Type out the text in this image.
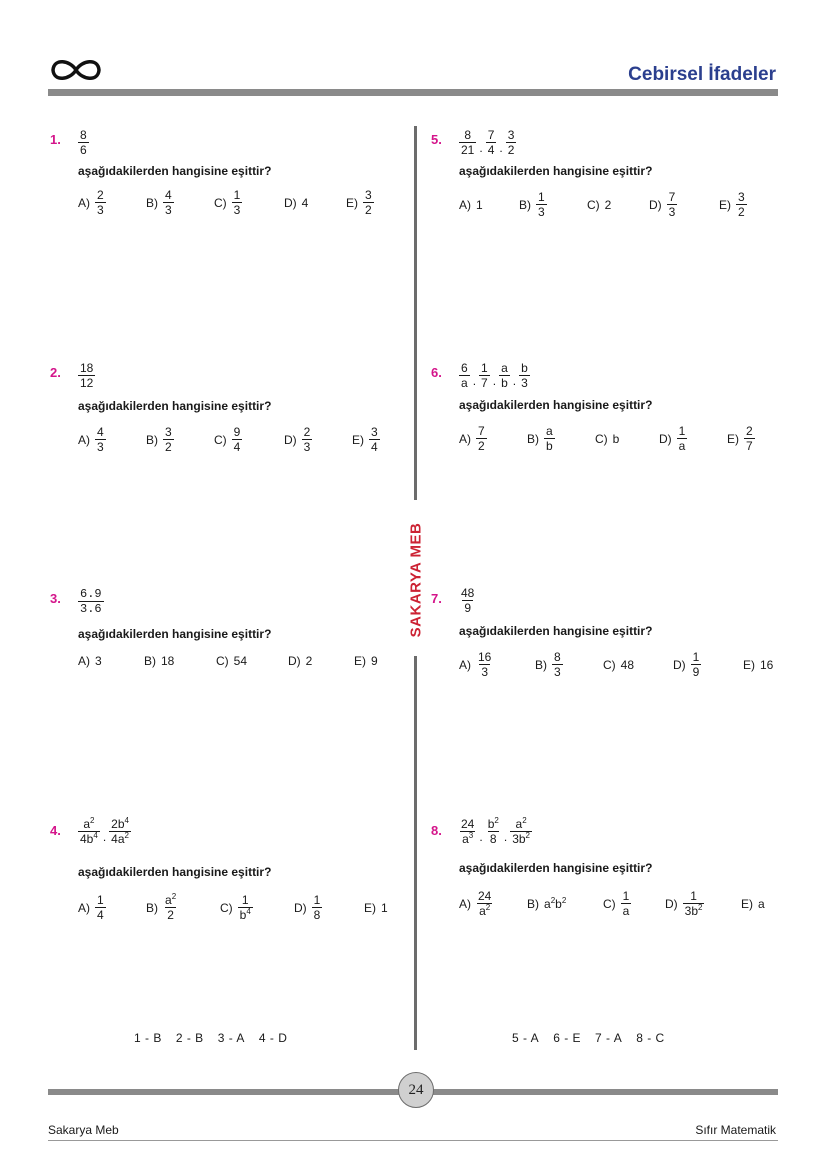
Cebirsel İfadeler
SAKARYA MEB
1. $\frac{8}{6}$
aşağıdakilerden hangisine eşittir?
$A) \frac{2}{3}$	$B) \frac{4}{3}$	$C) \frac{1}{3}$	D) 4	$E) \frac{3}{2}$
2. $\frac{18}{12}$
aşağıdakilerden hangisine eşittir?
$A) \frac{4}{3}$	$B) \frac{3}{2}$	$C) \frac{9}{4}$	$D) \frac{2}{3}$	$E) \frac{3}{4}$
3. $\frac{6.9}{3.6}$
aşağıdakilerden hangisine eşittir?
A) 3	B) 18	C) 54	D) 2	E) 9
4. $\frac{a^2}{4b^4}$ . $\frac{2b^4}{4a^2}$
aşağıdakilerden hangisine eşittir?
$A) \frac{1}{4}$	$B) \frac{a^2}{2}$	$C) \frac{1}{b^4}$	$D) \frac{1}{8}$	E) 1
5. $\frac{8}{21}$ . $\frac{7}{4}$ . $\frac{3}{2}$
aşağıdakilerden hangisine eşittir?
A) 1	$B) \frac{1}{3}$	C) 2	$D) \frac{7}{3}$	$E) \frac{3}{2}$
6. $\frac{6}{a}$ . $\frac{1}{7}$ . $\frac{a}{b}$ . $\frac{b}{3}$
aşağıdakilerden hangisine eşittir?
$A) \frac{7}{2}$	$B) \frac{a}{b}$	C) b	$D) \frac{1}{a}$	$E) \frac{2}{7}$
7. $\frac{48}{9}$
aşağıdakilerden hangisine eşittir?
$A) \frac{16}{3}$	$B) \frac{8}{3}$	C) 48	$D) \frac{1}{9}$	E) 16
8. $\frac{24}{a^3}$ . $\frac{b^2}{8}$ . $\frac{a^2}{3b^2}$
aşağıdakilerden hangisine eşittir?
$A) \frac{24}{a^2}$	B) $a^2b^2$	$C) \frac{1}{a}$	$D) \frac{1}{3b^2}$	E) a
1 - B 2 - B 3 - A 4 - D	5 - A 6 - E 7 - A 8 - C
24
Sakarya Meb	Sıfır Matematik
